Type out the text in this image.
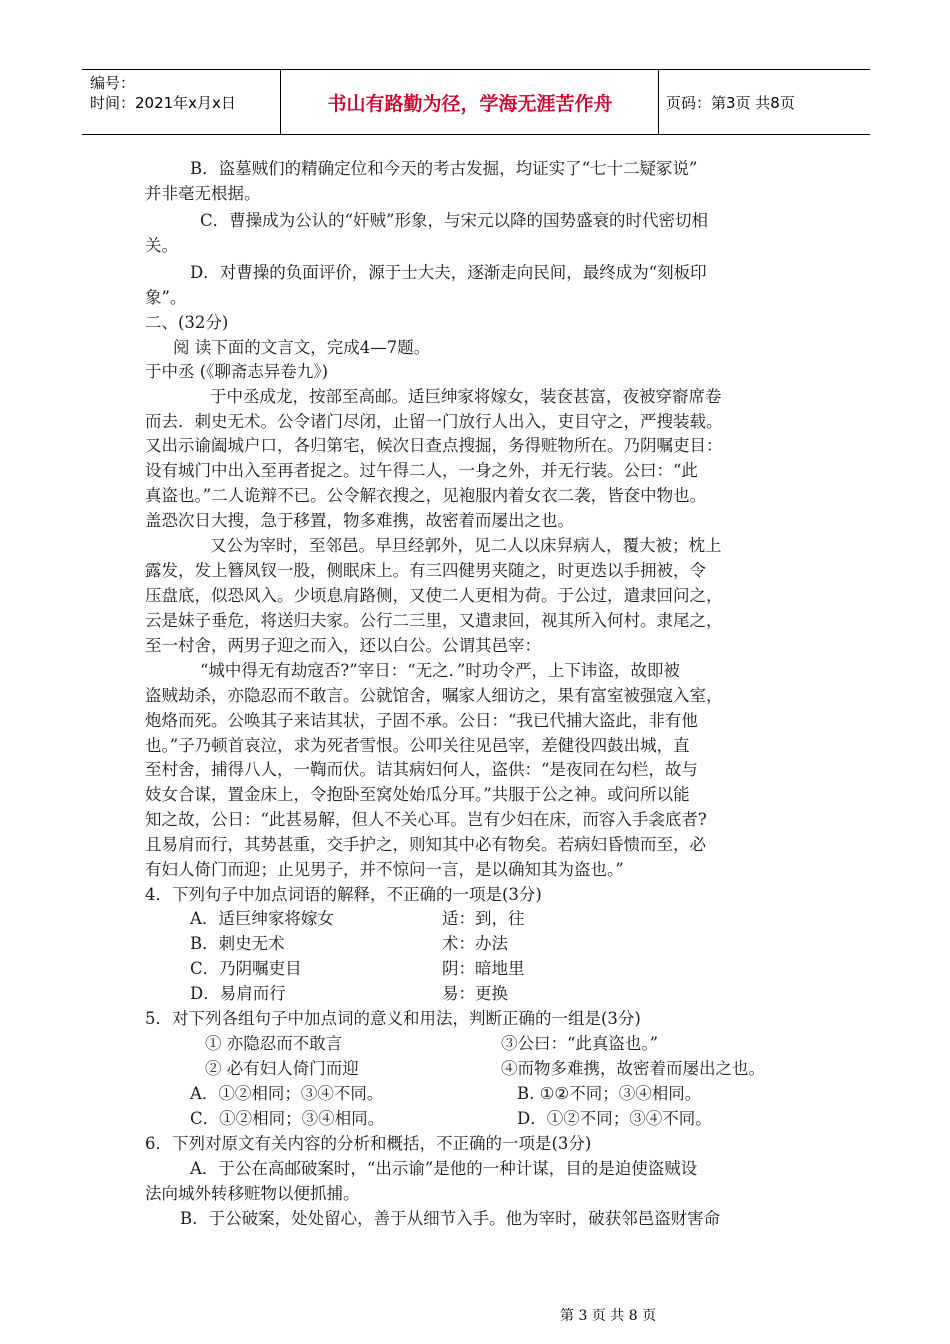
编号：
时间：2021年x月x日	书山有路勤为径，学海无涯苦作舟	页码：第3页 共8页
B．盗墓贼们的精确定位和今天的考古发掘，均证实了“七十二疑冢说”
并非毫无根据。
C．曹操成为公认的“奸贼”形象，与宋元以降的国势盛衰的时代密切相
关。
D．对曹操的负面评价，源于士大夫，逐渐走向民间，最终成为“刻板印
象”。
二、(32分)
阅 读下面的文言文，完成4—7题。
于中丞 (《聊斋志异卷九》)
于中丞成龙，按部至高邮。适巨绅家将嫁女，装奁甚富，夜被穿窬席卷
而去．刺史无术。公令诸门尽闭，止留一门放行人出入，吏目守之，严搜装载。
又出示谕阖城户口，各归第宅，候次日查点搜掘，务得赃物所在。乃阴嘱吏目：
设有城门中出入至再者捉之。过午得二人，一身之外，并无行装。公曰：“此
真盗也。”二人诡辩不已。公令解衣搜之，见袍服内着女衣二袭，皆奁中物也。
盖恐次日大搜，急于移置，物多难携，故密着而屡出之也。
又公为宰时，至邻邑。早旦经郭外，见二人以床舁病人，覆大被；枕上
露发，发上簪凤钗一股，侧眠床上。有三四健男夹随之，时更迭以手拥被，令
压盘底，似恐风入。少顷息肩路侧，又使二人更相为荷。于公过，遣隶回问之，
云是妹子垂危，将送归夫家。公行二三里，又遣隶回，视其所入何村。隶尾之，
至一村舍，两男子迎之而入，还以白公。公谓其邑宰：
“城中得无有劫寇否?”宰日：“无之．”时功令严，上下讳盗，故即被
盗贼劫杀，亦隐忍而不敢言。公就馆舍，嘱家人细访之，果有富室被强寇入室，
炮烙而死。公唤其子来诘其状，子固不承。公日：“我已代捕大盗此，非有他
也。”子乃顿首哀泣，求为死者雪恨。公叩关往见邑宰，差健役四鼓出城，直
至村舍，捕得八人，一鞫而伏。诘其病妇何人，盗供：“是夜同在勾栏，故与
妓女合谋，置金床上，令抱卧至窝处始瓜分耳。”共服于公之神。或问所以能
知之故，公日：“此甚易解，但人不关心耳。岂有少妇在床，而容入手衾底者?
且易肩而行，其势甚重，交手护之，则知其中必有物矣。若病妇昏愦而至，必
有妇人倚门而迎；止见男子，并不惊问一言，是以确知其为盗也。”
4．下列句子中加点词语的解释，不正确的一项是(3分)
A．适巨绅家将嫁女	适：到，往
B．刺史无术	术：办法
C．乃阴嘱吏目	阴：暗地里
D．易肩而行	易：更换
5．对下列各组句子中加点词的意义和用法，判断正确的一组是(3分)
① 亦隐忍而不敢言	③公曰：“此真盗也。”
② 必有妇人倚门而迎	④而物多难携，故密着而屡出之也。
A．①②相同；③④不同。	B. ①②不同；③④相同。
C．①②相同；③④相同。	D．①②不同；③④不同。
6．下列对原文有关内容的分析和概括，不正确的一项是(3分)
A．于公在高邮破案时，“出示谕”是他的一种计谋，目的是迫使盗贼设
法向城外转移赃物以便抓捕。
B．于公破案，处处留心，善于从细节入手。他为宰时，破获邻邑盗财害命
第 3 页 共 8 页
